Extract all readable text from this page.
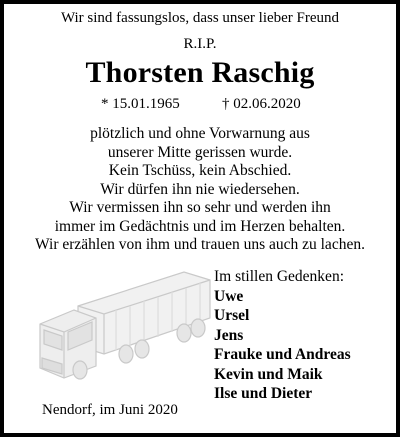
Wir sind fassungslos, dass unser lieber Freund
R.I.P.
Thorsten Raschig
* 15.01.1965	† 02.06.2020
plötzlich und ohne Vorwarnung aus
unserer Mitte gerissen wurde.
Kein Tschüss, kein Abschied.
Wir dürfen ihn nie wiedersehen.
Wir vermissen ihn so sehr und werden ihn
immer im Gedächtnis und im Herzen behalten.
Wir erzählen von ihm und trauen uns auch zu lachen.
Im stillen Gedenken:
Uwe
Ursel
Jens
Frauke und Andreas
Kevin und Maik
Ilse und Dieter
Nendorf, im Juni 2020
